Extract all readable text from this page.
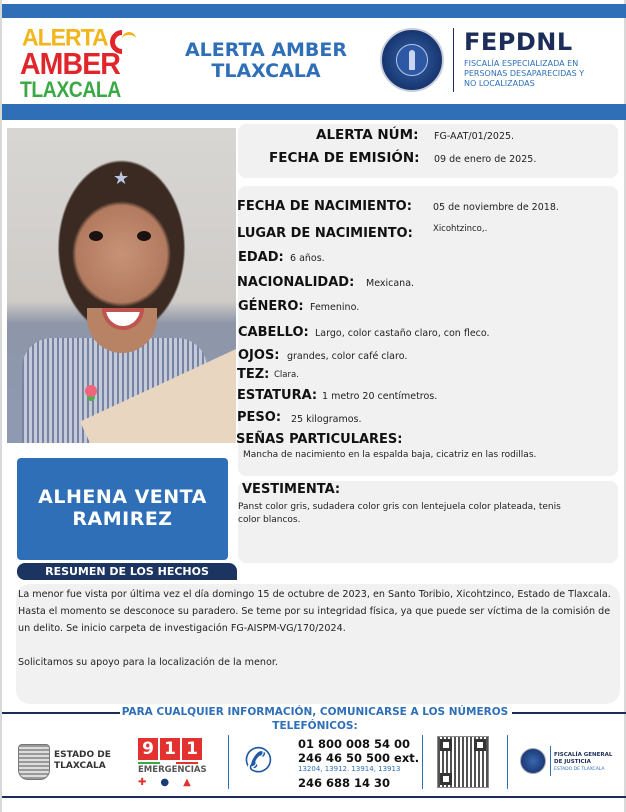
ALERTA
AMBER
TLAXCALA
ALERTA AMBER
TLAXCALA
FEPDNL
FISCALÍA ESPECIALIZADA EN
PERSONAS DESAPARECIDAS Y
NO LOCALIZADAS
★
ALERTA NÚM: FG-AAT/01/2025.
FECHA DE EMISIÓN: 09 de enero de 2025.
FECHA DE NACIMIENTO: 05 de noviembre de 2018.
LUGAR DE NACIMIENTO: Xicohtzinco,.
EDAD: 6 años.
NACIONALIDAD: Mexicana.
GÉNERO: Femenino.
CABELLO: Largo, color castaño claro, con fleco.
OJOS: grandes, color café claro.
TEZ: Clara.
ESTATURA: 1 metro 20 centímetros.
PESO: 25 kilogramos.
SEÑAS PARTICULARES:
Mancha de nacimiento en la espalda baja, cicatriz en las rodillas.
ALHENA VENTA
RAMIREZ
VESTIMENTA:
Panst color gris, sudadera color gris con lentejuela color plateada, tenis
color blancos.
RESUMEN DE LOS HECHOS

La menor fue vista por última vez el día domingo 15 de octubre de 2023, en Santo Toribio, Xicohtzinco, Estado de Tlaxcala. Hasta el momento se desconoce su paradero. Se teme por su integridad física, ya que puede ser víctima de la comisión de un delito. Se inicio carpeta de investigación FG-AISPM-VG/170/2024.

Solicitamos su apoyo para la localización de la menor.

PARA CUALQUIER INFORMACIÓN, COMUNICARSE A LOS NÚMEROS
TELEFÓNICOS:
ESTADO DE
TLAXCALA
9 1 1
EMERGENCIAS
✚ ● ▲ ✆ 01 800 008 54 00
246 46 50 500 ext.
13204, 13912. 13914, 13913
246 688 14 30
FISCALÍA GENERAL
DE JUSTICIA
ESTADO DE TLAXCALA
